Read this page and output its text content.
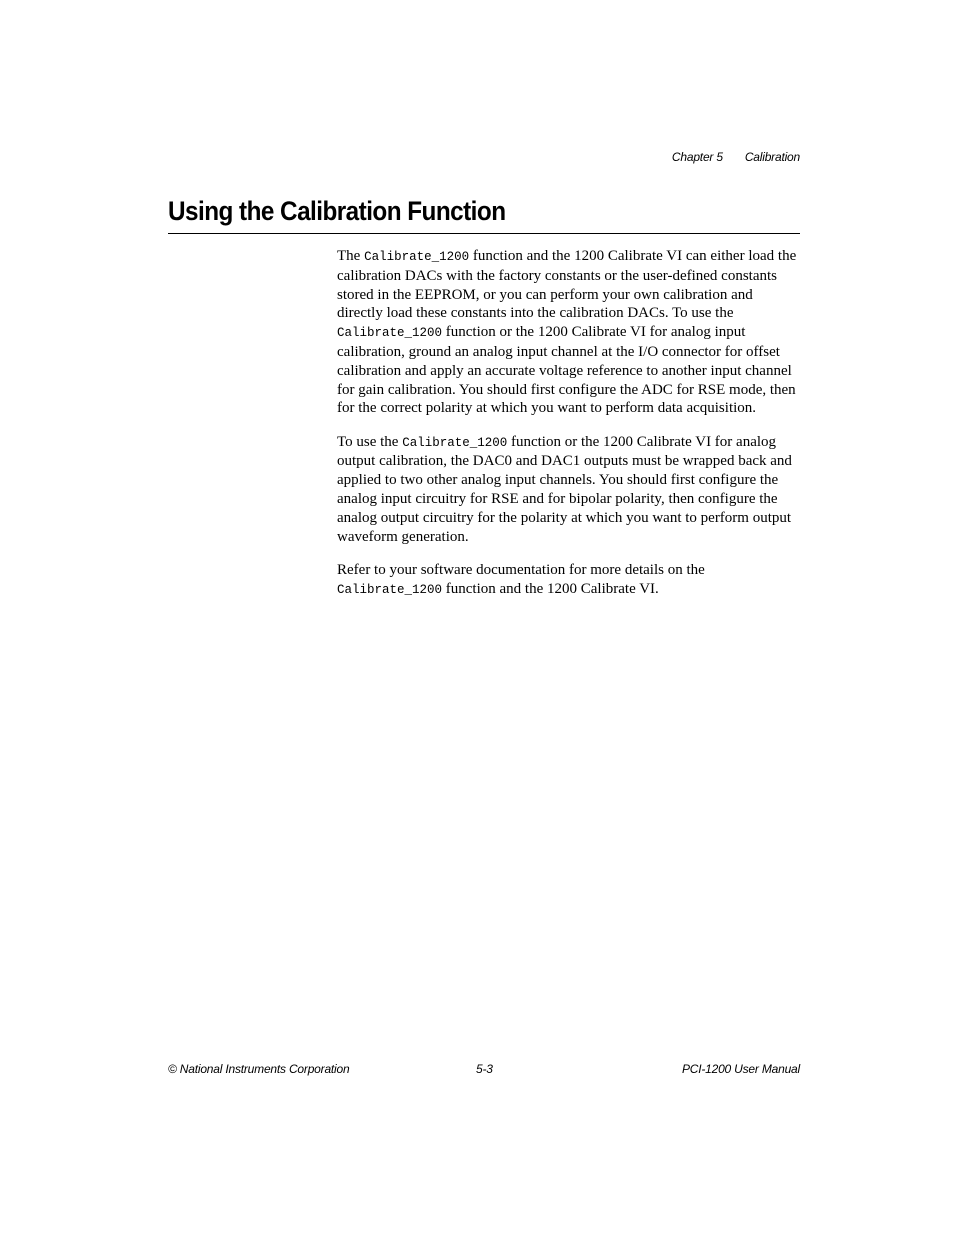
Chapter 5 Calibration
Using the Calibration Function

The Calibrate_1200 function and the 1200 Calibrate VI can either load the calibration DACs with the factory constants or the user-defined constants stored in the EEPROM, or you can perform your own calibration and directly load these constants into the calibration DACs. To use the Calibrate_1200 function or the 1200 Calibrate VI for analog input calibration, ground an analog input channel at the I/O connector for offset calibration and apply an accurate voltage reference to another input channel for gain calibration. You should first configure the ADC for RSE mode, then for the correct polarity at which you want to perform data acquisition.

To use the Calibrate_1200 function or the 1200 Calibrate VI for analog output calibration, the DAC0 and DAC1 outputs must be wrapped back and applied to two other analog input channels. You should first configure the analog input circuitry for RSE and for bipolar polarity, then configure the analog output circuitry for the polarity at which you want to perform output waveform generation.

Refer to your software documentation for more details on the Calibrate_1200 function and the 1200 Calibrate VI.

© National Instruments Corporation	5-3	PCI-1200 User Manual
